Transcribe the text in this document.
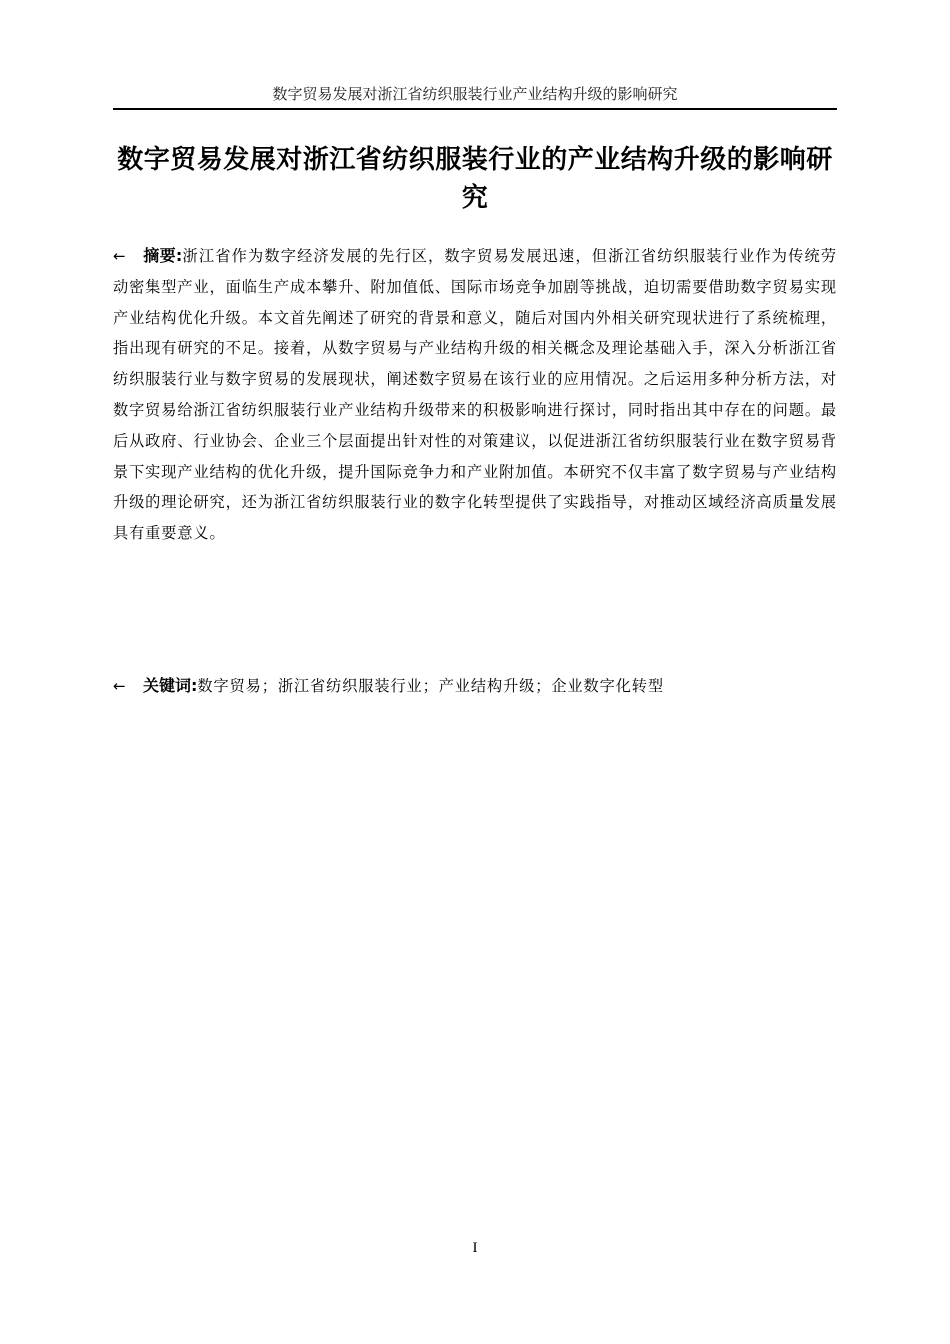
数字贸易发展对浙江省纺织服装行业产业结构升级的影响研究
数字贸易发展对浙江省纺织服装行业的产业结构升级的影响研究
← 摘要:浙江省作为数字经济发展的先行区，数字贸易发展迅速，但浙江省纺织服装行业作为传统劳动密集型产业，面临生产成本攀升、附加值低、国际市场竞争加剧等挑战，迫切需要借助数字贸易实现产业结构优化升级。本文首先阐述了研究的背景和意义，随后对国内外相关研究现状进行了系统梳理，指出现有研究的不足。接着，从数字贸易与产业结构升级的相关概念及理论基础入手，深入分析浙江省纺织服装行业与数字贸易的发展现状，阐述数字贸易在该行业的应用情况。之后运用多种分析方法，对数字贸易给浙江省纺织服装行业产业结构升级带来的积极影响进行探讨，同时指出其中存在的问题。最后从政府、行业协会、企业三个层面提出针对性的对策建议，以促进浙江省纺织服装行业在数字贸易背景下实现产业结构的优化升级，提升国际竞争力和产业附加值。本研究不仅丰富了数字贸易与产业结构升级的理论研究，还为浙江省纺织服装行业的数字化转型提供了实践指导，对推动区域经济高质量发展具有重要意义。
← 关键词:数字贸易；浙江省纺织服装行业；产业结构升级；企业数字化转型
I
